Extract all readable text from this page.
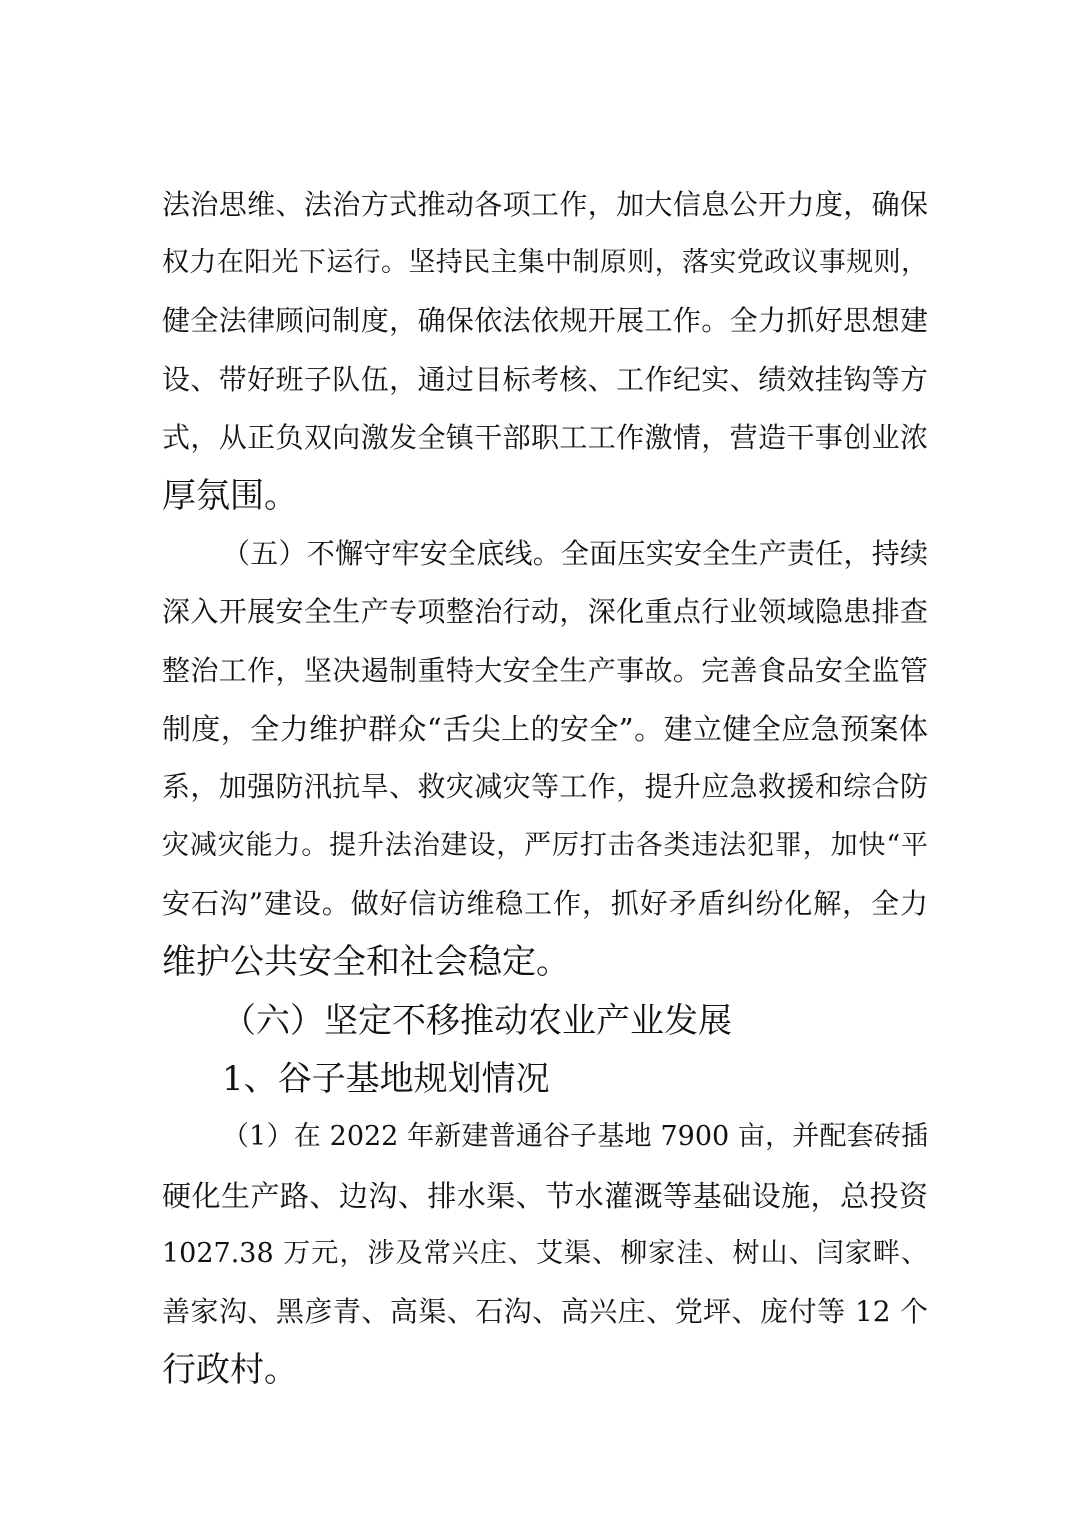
法治思维、法治方式推动各项工作，加大信息公开力度，确保
权力在阳光下运行。坚持民主集中制原则，落实党政议事规则，
健全法律顾问制度，确保依法依规开展工作。全力抓好思想建
设、带好班子队伍，通过目标考核、工作纪实、绩效挂钩等方
式，从正负双向激发全镇干部职工工作激情，营造干事创业浓
厚氛围。
（五）不懈守牢安全底线。全面压实安全生产责任，持续
深入开展安全生产专项整治行动，深化重点行业领域隐患排查
整治工作，坚决遏制重特大安全生产事故。完善食品安全监管
制度，全力维护群众“舌尖上的安全”。建立健全应急预案体
系，加强防汛抗旱、救灾减灾等工作，提升应急救援和综合防
灾减灾能力。提升法治建设，严厉打击各类违法犯罪，加快“平
安石沟”建设。做好信访维稳工作，抓好矛盾纠纷化解，全力
维护公共安全和社会稳定。
（六）坚定不移推动农业产业发展
1、谷子基地规划情况
（1）在 2022 年新建普通谷子基地 7900 亩，并配套砖插
硬化生产路、边沟、排水渠、节水灌溉等基础设施，总投资
1027.38 万元，涉及常兴庄、艾渠、柳家洼、树山、闫家畔、
善家沟、黑彦青、高渠、石沟、高兴庄、党坪、庞付等 12 个
行政村。
